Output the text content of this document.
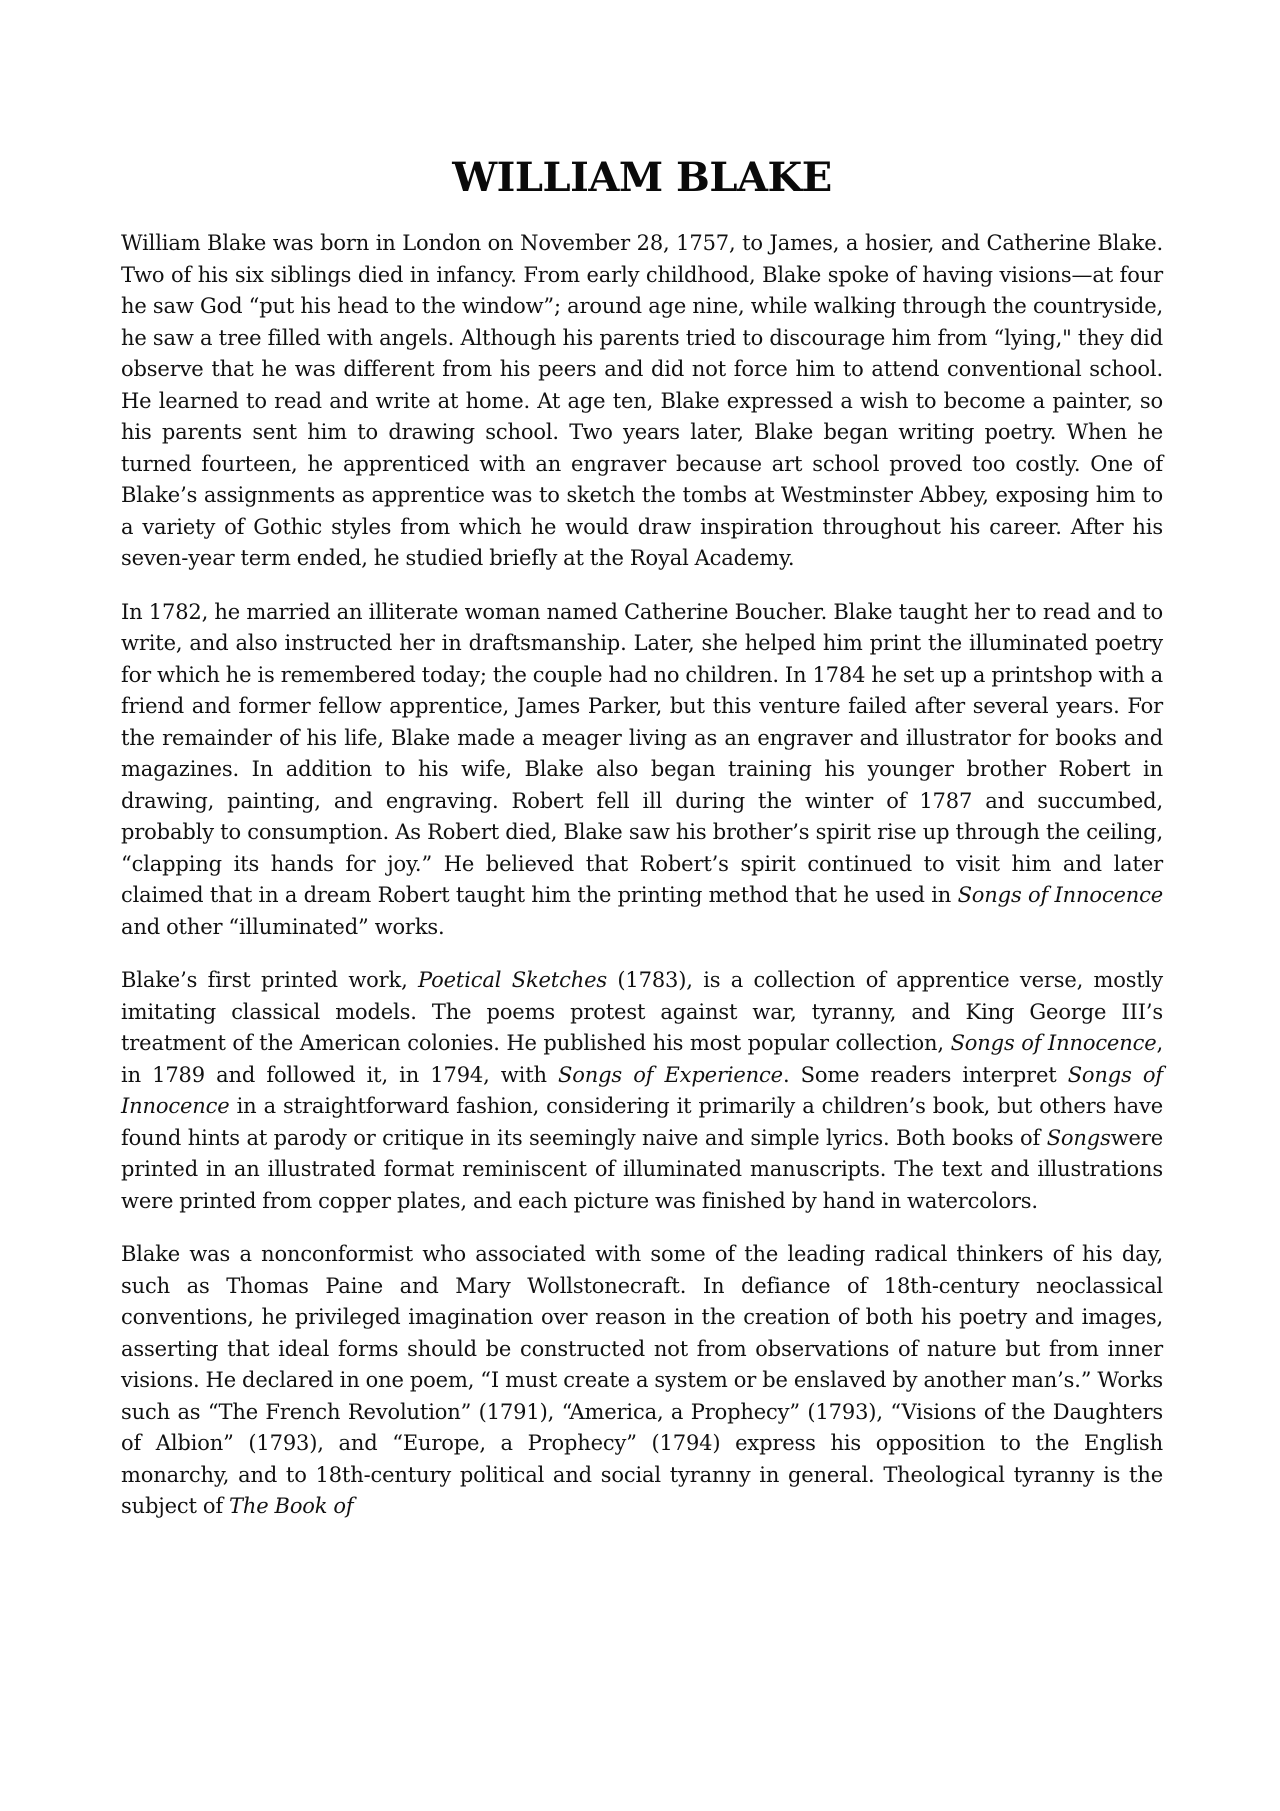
WILLIAM BLAKE

William Blake was born in London on November 28, 1757, to James, a hosier, and Catherine Blake. Two of his six siblings died in infancy. From early childhood, Blake spoke of having visions—at four he saw God “put his head to the window”; around age nine, while walking through the countryside, he saw a tree filled with angels. Although his parents tried to discourage him from “lying," they did observe that he was different from his peers and did not force him to attend conventional school. He learned to read and write at home. At age ten, Blake expressed a wish to become a painter, so his parents sent him to drawing school. Two years later, Blake began writing poetry. When he turned fourteen, he apprenticed with an engraver because art school proved too costly. One of Blake’s assignments as apprentice was to sketch the tombs at Westminster Abbey, exposing him to a variety of Gothic styles from which he would draw inspiration throughout his career. After his seven-year term ended, he studied briefly at the Royal Academy.

In 1782, he married an illiterate woman named Catherine Boucher. Blake taught her to read and to write, and also instructed her in draftsmanship. Later, she helped him print the illuminated poetry for which he is remembered today; the couple had no children. In 1784 he set up a printshop with a friend and former fellow apprentice, James Parker, but this venture failed after several years. For the remainder of his life, Blake made a meager living as an engraver and illustrator for books and magazines. In addition to his wife, Blake also began training his younger brother Robert in drawing, painting, and engraving. Robert fell ill during the winter of 1787 and succumbed, probably to consumption. As Robert died, Blake saw his brother’s spirit rise up through the ceiling, “clapping its hands for joy.” He believed that Robert’s spirit continued to visit him and later claimed that in a dream Robert taught him the printing method that he used in Songs of Innocence and other “illuminated” works.

Blake’s first printed work, Poetical Sketches (1783), is a collection of apprentice verse, mostly imitating classical models. The poems protest against war, tyranny, and King George III’s treatment of the American colonies. He published his most popular collection, Songs of Innocence, in 1789 and followed it, in 1794, with Songs of Experience. Some readers interpret Songs of Innocence in a straightforward fashion, considering it primarily a children’s book, but others have found hints at parody or critique in its seemingly naive and simple lyrics. Both books of Songswere printed in an illustrated format reminiscent of illuminated manuscripts. The text and illustrations were printed from copper plates, and each picture was finished by hand in watercolors.

Blake was a nonconformist who associated with some of the leading radical thinkers of his day, such as Thomas Paine and Mary Wollstonecraft. In defiance of 18th-century neoclassical conventions, he privileged imagination over reason in the creation of both his poetry and images, asserting that ideal forms should be constructed not from observations of nature but from inner visions. He declared in one poem, “I must create a system or be enslaved by another man’s.” Works such as “The French Revolution” (1791), “America, a Prophecy” (1793), “Visions of the Daughters of Albion” (1793), and “Europe, a Prophecy” (1794) express his opposition to the English monarchy, and to 18th-century political and social tyranny in general. Theological tyranny is the subject of The Book of
